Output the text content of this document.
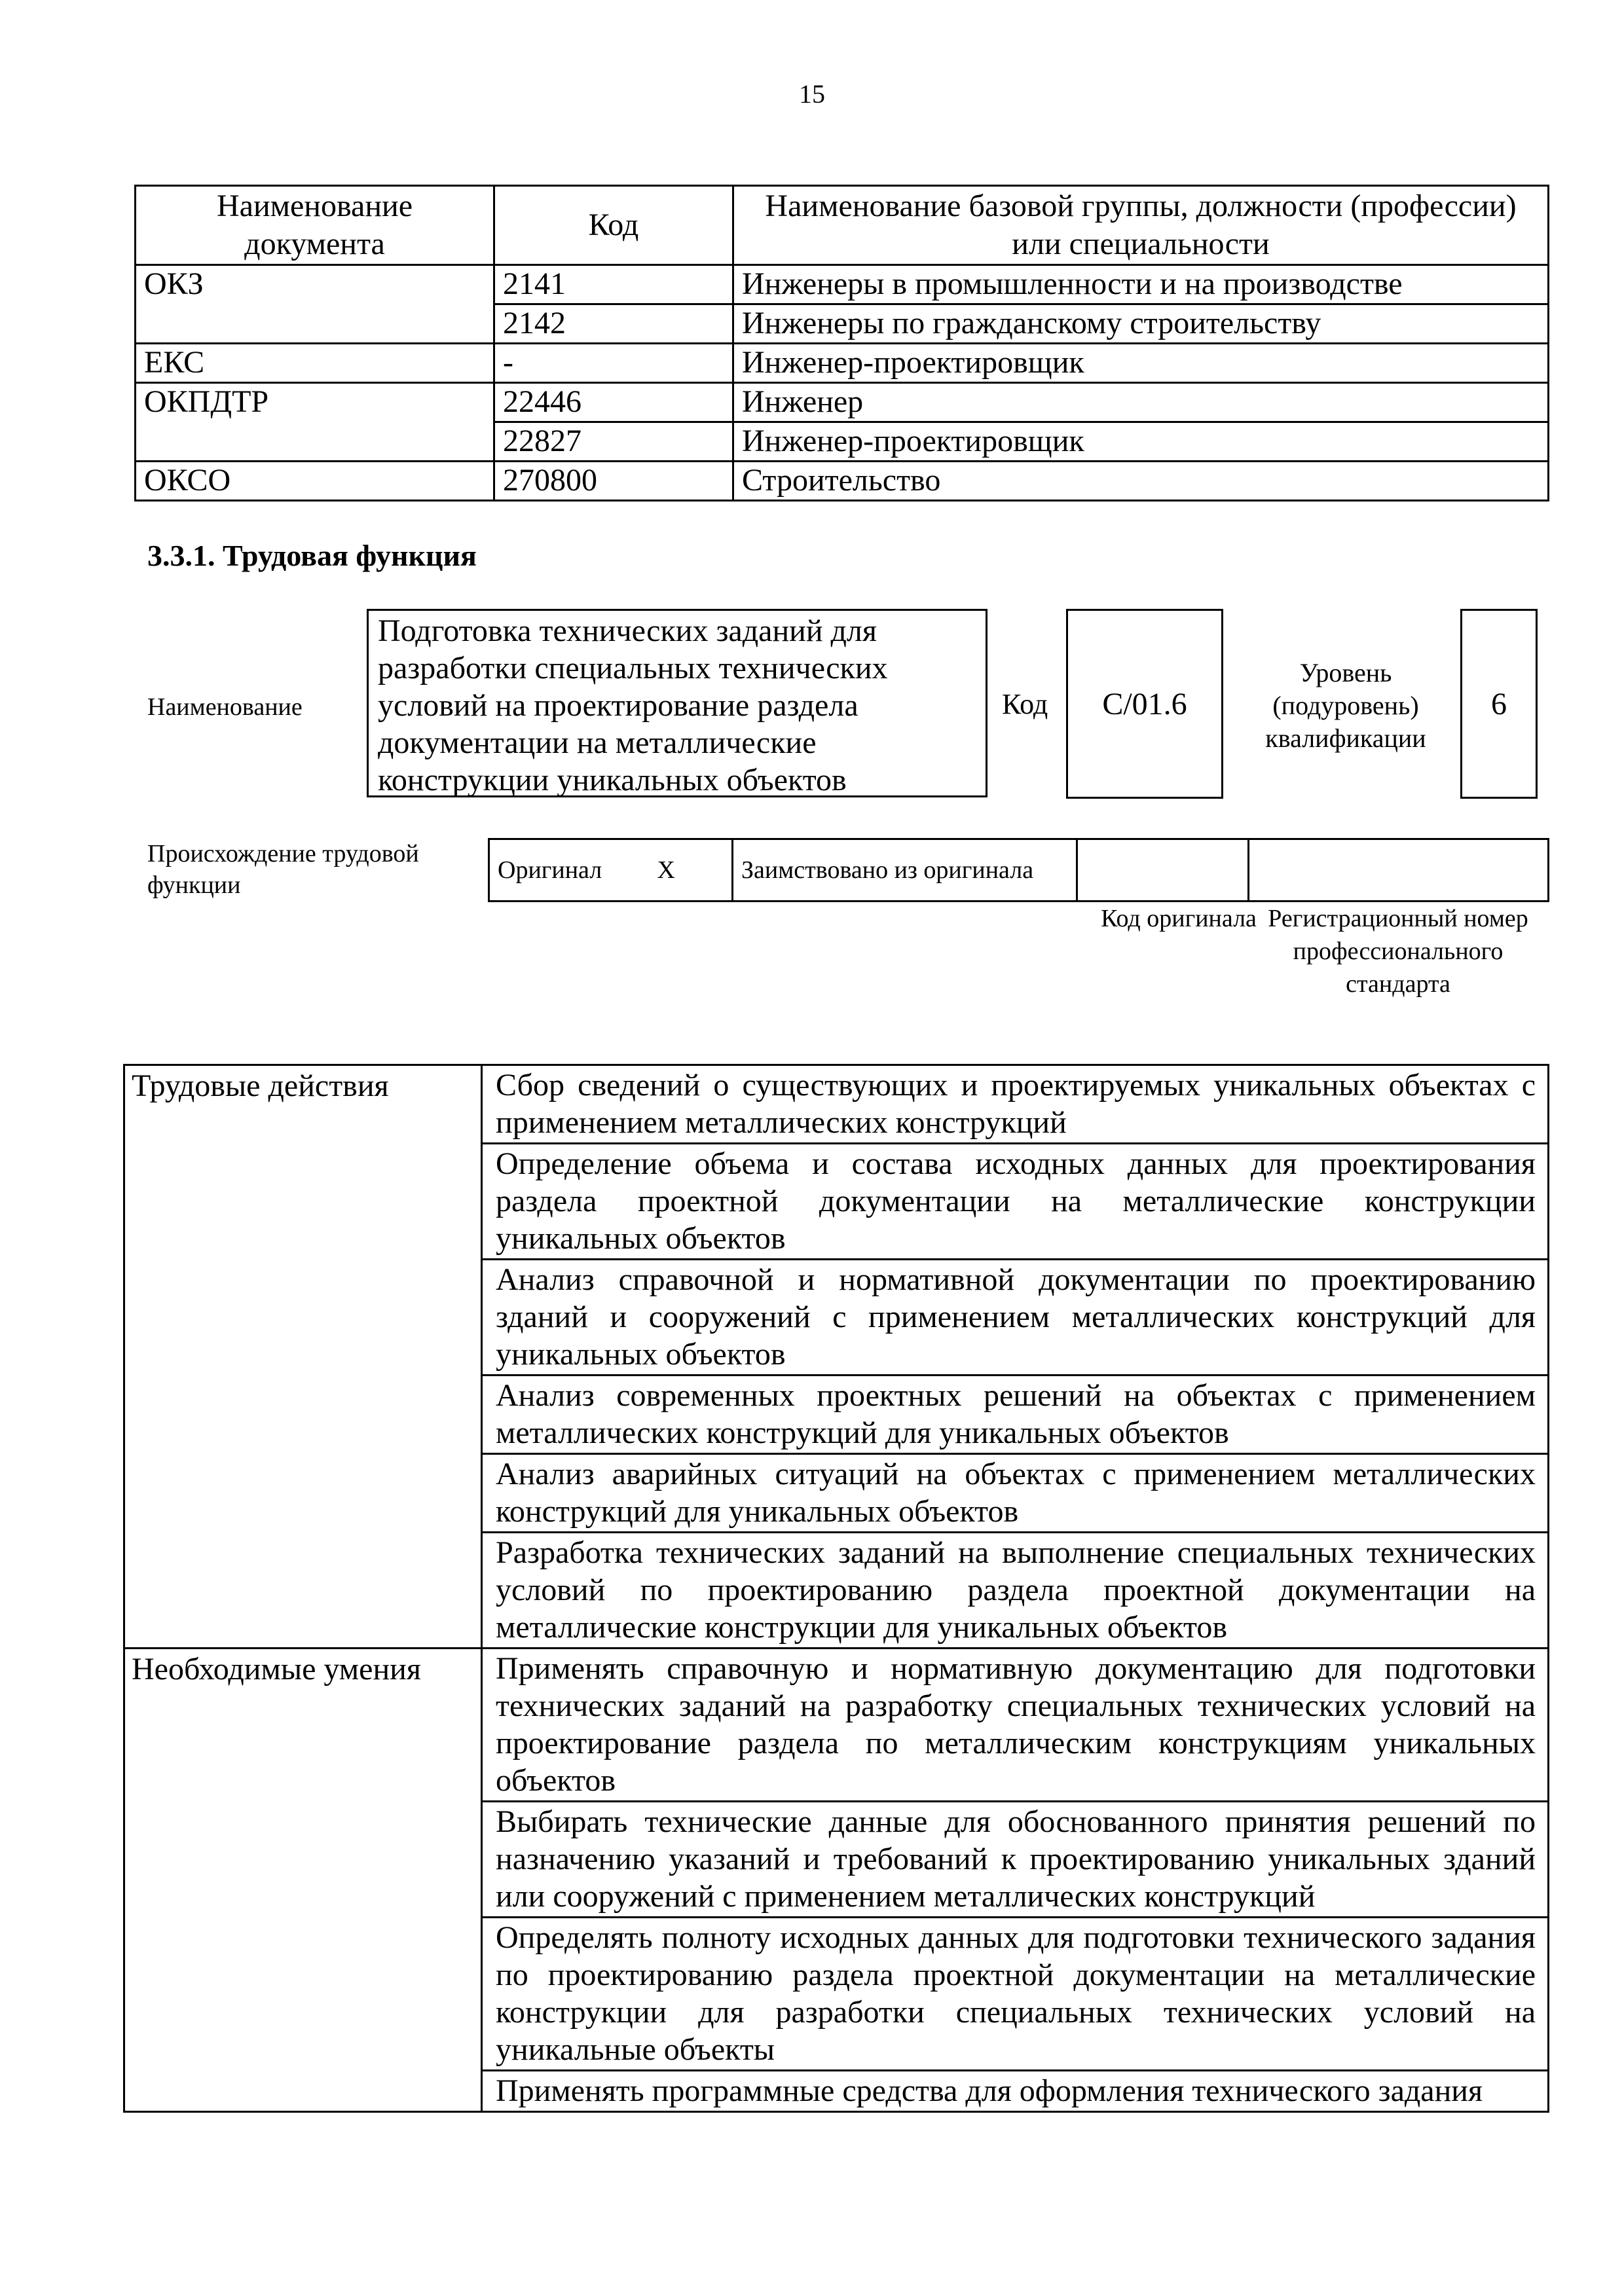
15
Наименование документа	Код	Наименование базовой группы, должности (профессии) или специальности
ОКЗ	2141	Инженеры в промышленности и на производстве
	2142	Инженеры по гражданскому строительству
ЕКС	-	Инженер-проектировщик
ОКПДТР	22446	Инженер
	22827	Инженер-проектировщик
ОКСО	270800	Строительство
3.3.1. Трудовая функция
Наименование
Подготовка технических заданий для разработки специальных технических условий на проектирование раздела документации на металлические конструкции уникальных объектов
Код	С/01.6
Уровень (подуровень) квалификации
6
Происхождение трудовой функции
Оригинал	X	Заимствовано из оригинала		
Код оригинала Регистрационный номер профессионального стандарта
Трудовые действия	Сбор сведений о существующих и проектируемых уникальных объектах с применением металлических конструкций
	Определение объема и состава исходных данных для проектирования раздела проектной документации на металлические конструкции уникальных объектов
	Анализ справочной и нормативной документации по проектированию зданий и сооружений с применением металлических конструкций для уникальных объектов
	Анализ современных проектных решений на объектах с применением металлических конструкций для уникальных объектов
	Анализ аварийных ситуаций на объектах с применением металлических конструкций для уникальных объектов
	Разработка технических заданий на выполнение специальных технических условий по проектированию раздела проектной документации на металлические конструкции для уникальных объектов
Необходимые умения	Применять справочную и нормативную документацию для подготовки технических заданий на разработку специальных технических условий на проектирование раздела по металлическим конструкциям уникальных объектов
	Выбирать технические данные для обоснованного принятия решений по назначению указаний и требований к проектированию уникальных зданий или сооружений с применением металлических конструкций
	Определять полноту исходных данных для подготовки технического задания по проектированию раздела проектной документации на металлические конструкции для разработки специальных технических условий на уникальные объекты
	Применять программные средства для оформления технического задания
